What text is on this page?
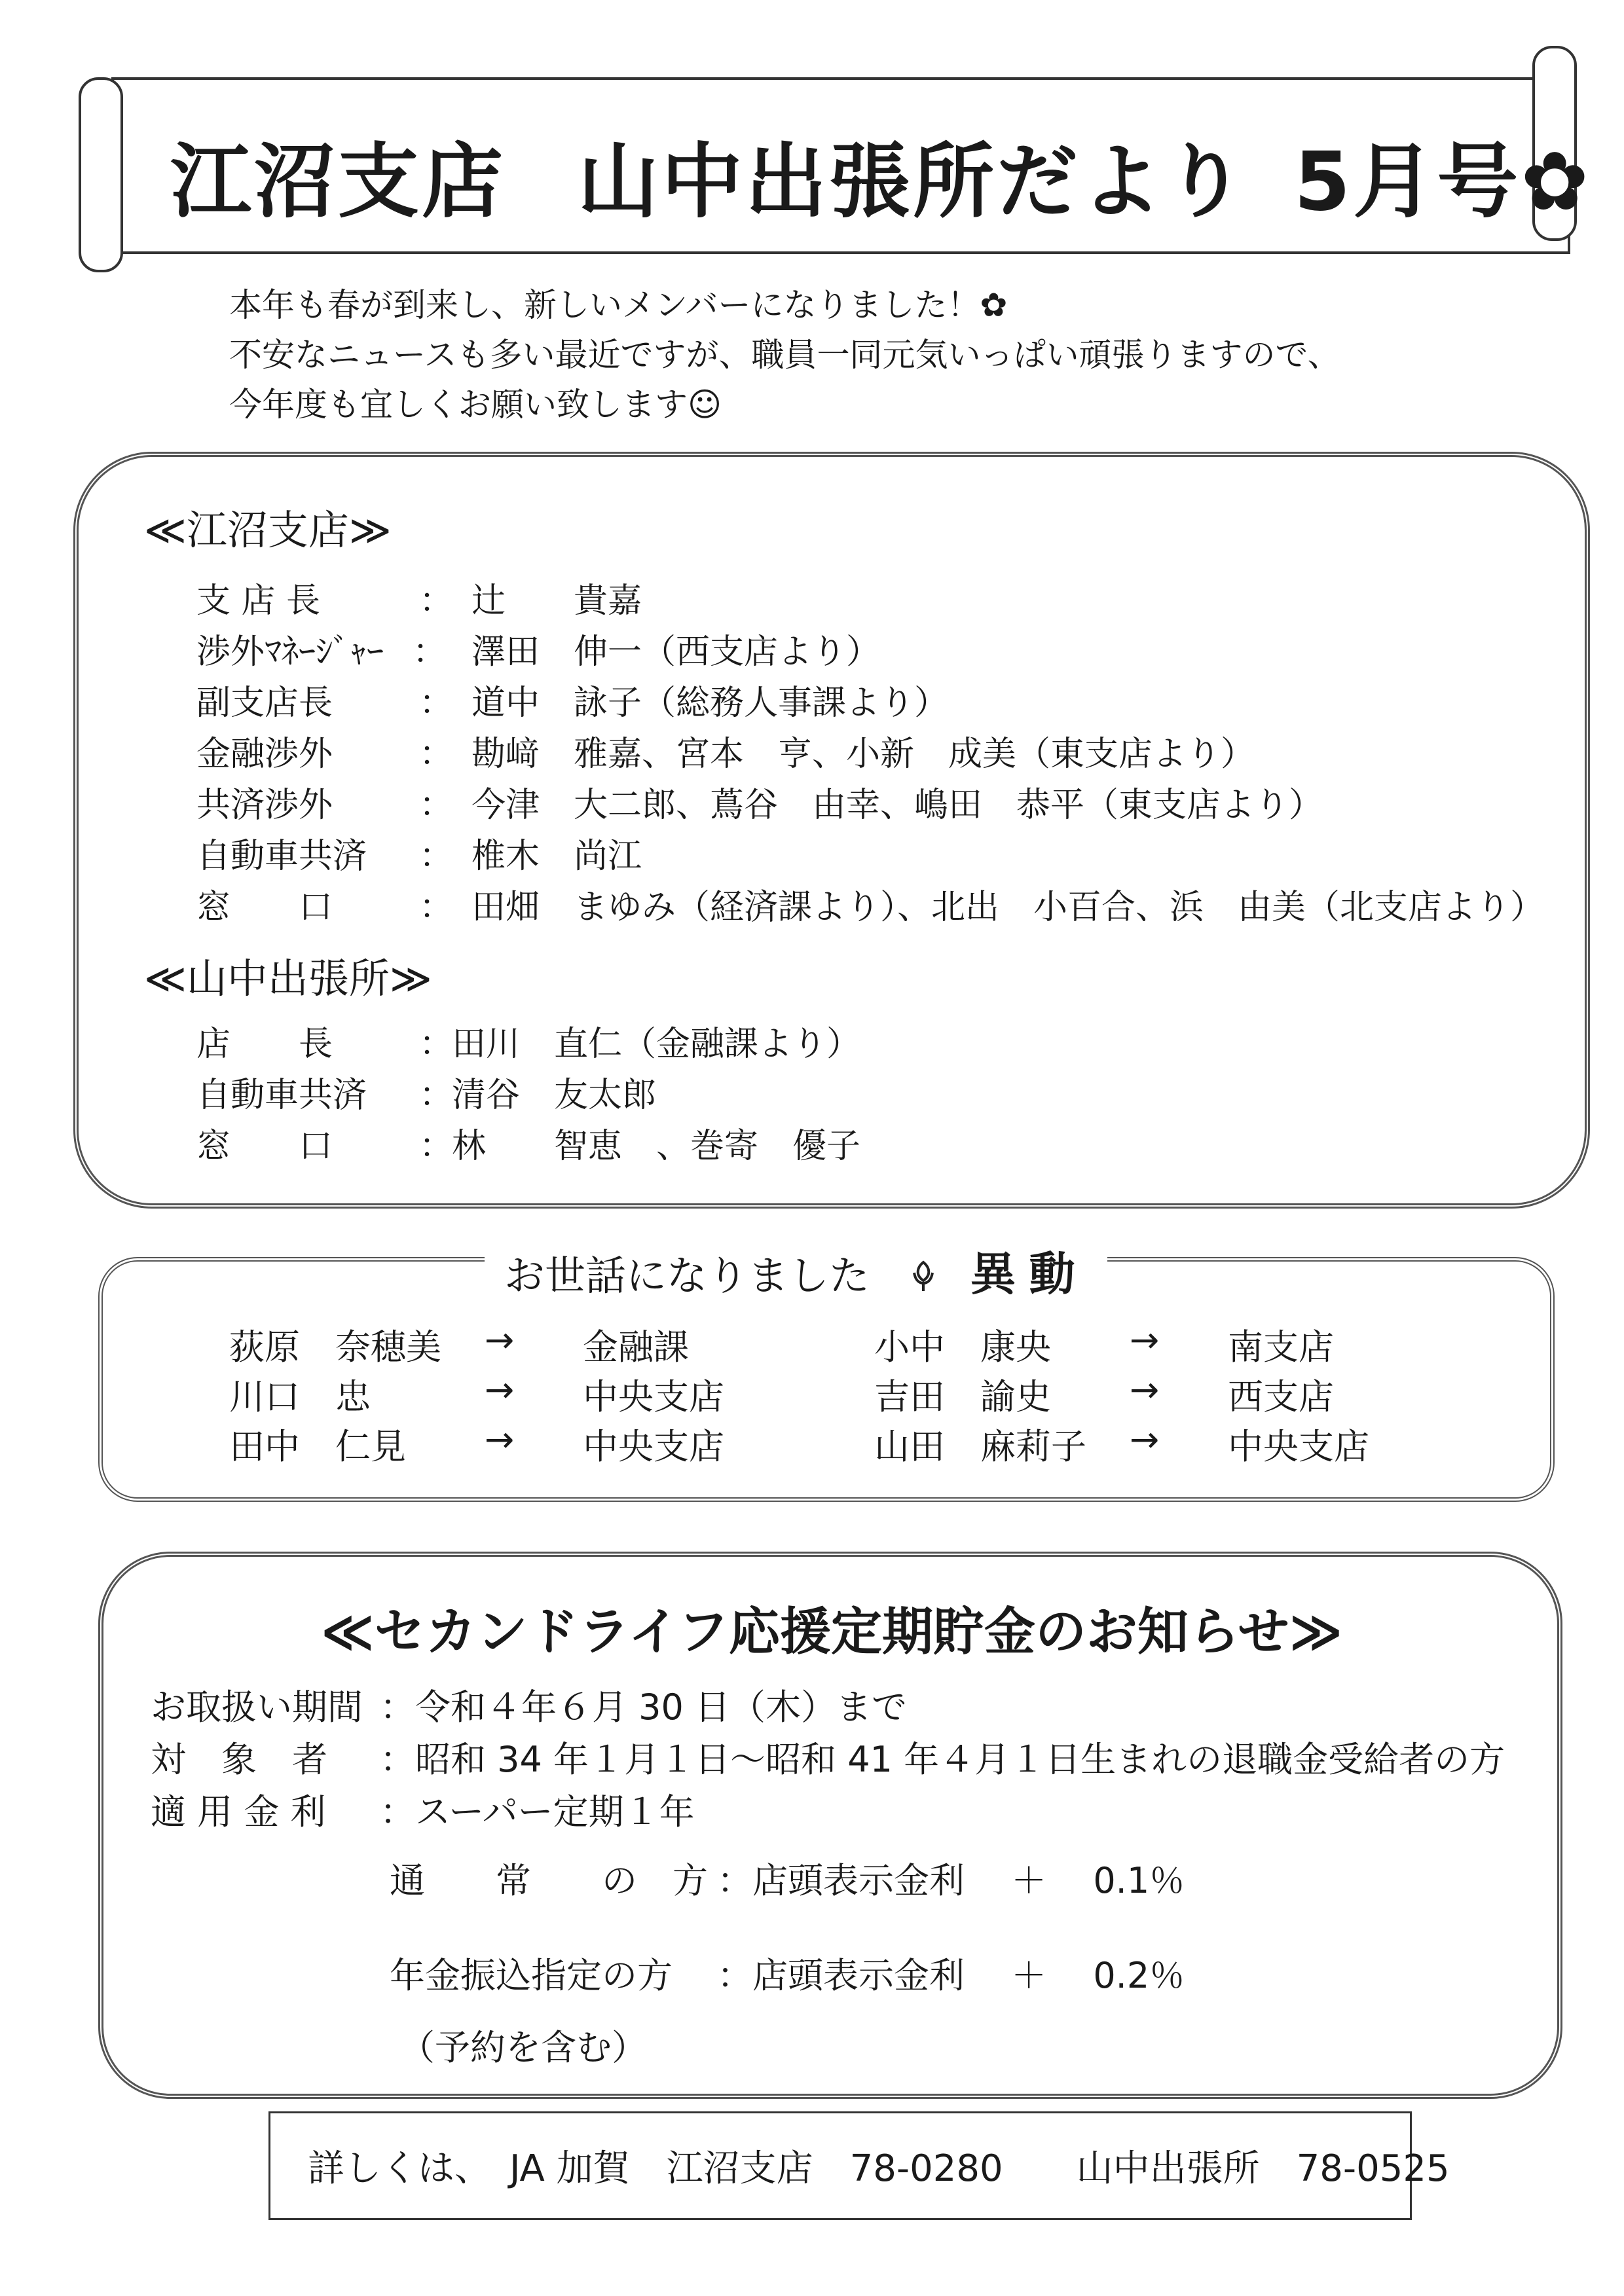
江沼支店 山中出張所だより 5月号✿
本年も春が到来し、新しいメンバーになりました！✿
不安なニュースも多い最近ですが、職員一同元気いっぱい頑張りますので、
今年度も宜しくお願い致します☺
≪江沼支店≫
支 店 長	： 辻　　貴嘉
渉外ﾏﾈｰｼﾞｬｰ ： 澤田　伸一（西支店より）
副支店長	： 道中　詠子（総務人事課より）
金融渉外	： 勘﨑　雅嘉、宮本　亨、小新　成美（東支店より）
共済渉外	： 今津　大二郎、蔦谷　由幸、嶋田　恭平（東支店より）
自動車共済 ： 椎木　尚江
窓　　口	： 田畑　まゆみ（経済課より）、北出　小百合、浜　由美（北支店より）
≪山中出張所≫
店　　長	：
田川　直仁（金融課より）
自動車共済 ：
清谷　友太郎
窓　　口	：
林　　智恵　、巻寄　優子
お世話になりました 異動
荻原　奈穂美 → 金融課
川口　忠	→ 中央支店
田中　仁見 → 中央支店
小中　康央 → 南支店
吉田　諭史 → 西支店
山田　麻莉子 → 中央支店
≪セカンドライフ応援定期貯金のお知らせ≫
お取扱い期間 ：令和４年６月 30 日（木）まで
対　象　者 ：昭和 34 年１月１日～昭和 41 年４月１日生まれの退職金受給者の方
適 用 金 利 ：スーパー定期１年
通　　常　　の　方 ：店頭表示金利　 ＋　 0.1％
年金振込指定の方 ：店頭表示金利　 ＋　 0.2％
（予約を含む）
詳しくは、　JA 加賀　江沼支店　78-0280　　山中出張所　78-0525
